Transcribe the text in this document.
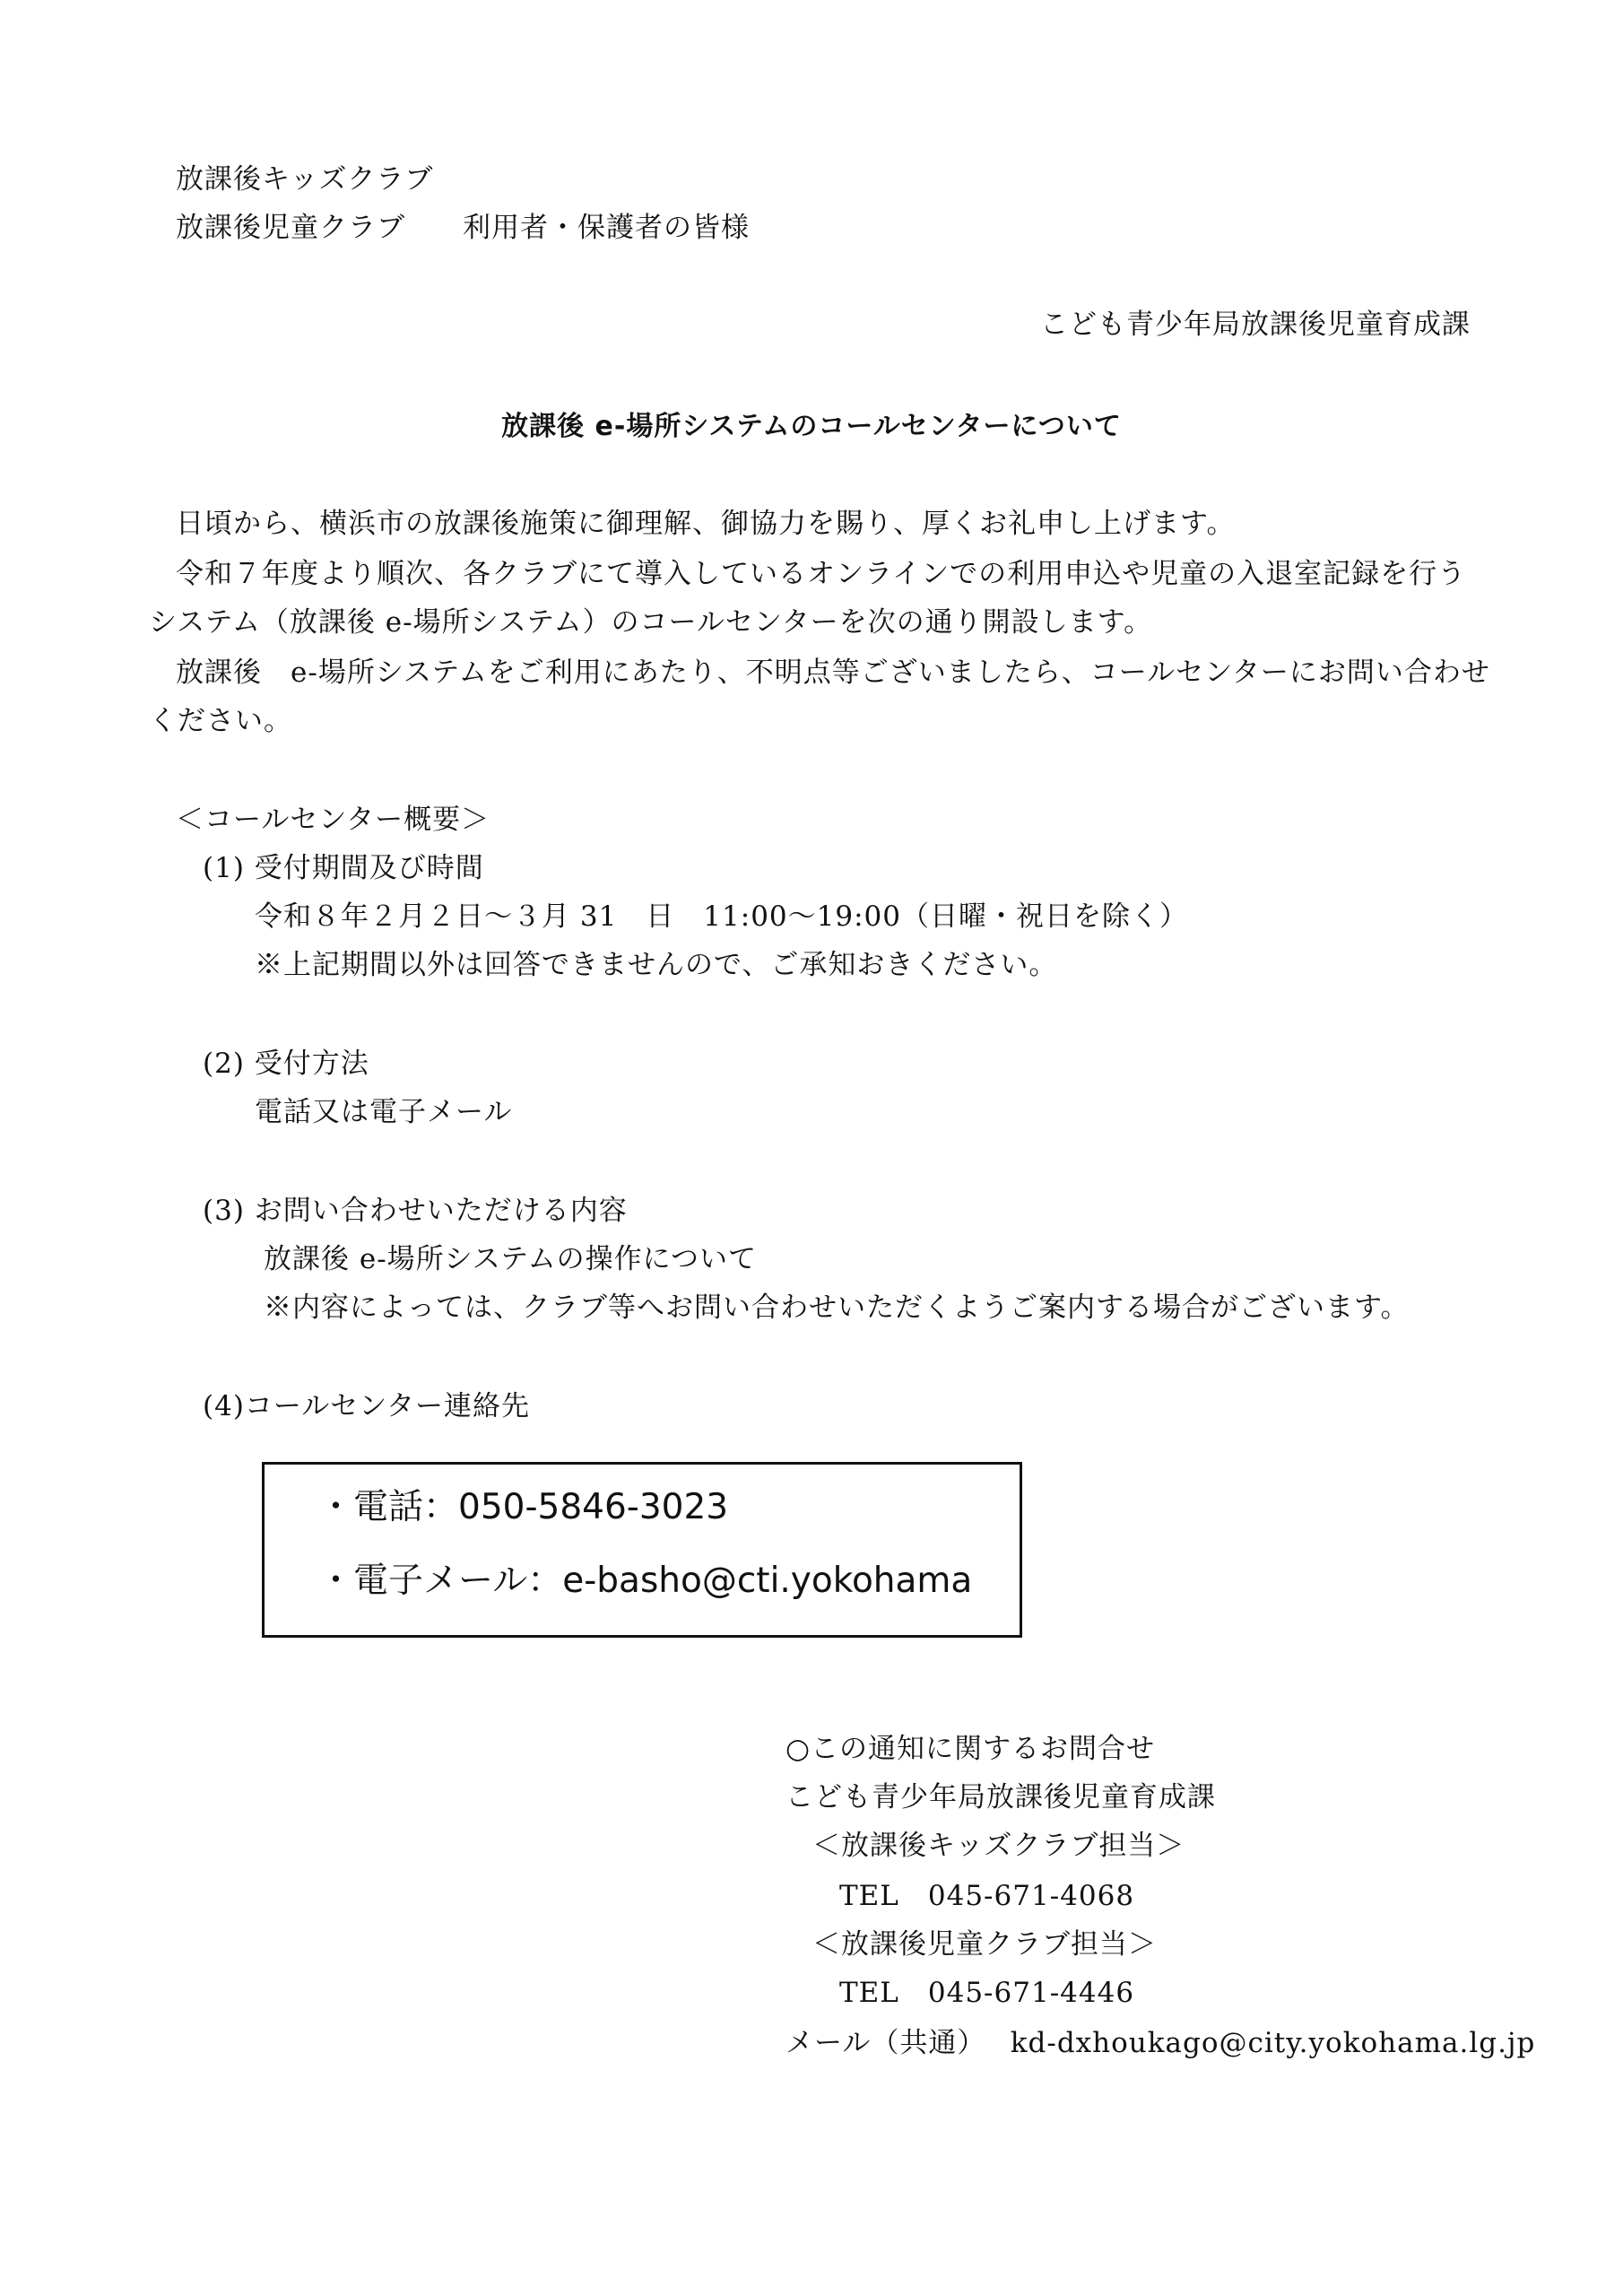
放課後キッズクラブ
放課後児童クラブ　　利用者・保護者の皆様
こども青少年局放課後児童育成課
放課後 e-場所システムのコールセンターについて
日頃から、横浜市の放課後施策に御理解、御協力を賜り、厚くお礼申し上げます。
令和７年度より順次、各クラブにて導入しているオンラインでの利用申込や児童の入退室記録を行う
システム（放課後 e-場所システム）のコールセンターを次の通り開設します。
放課後　e-場所システムをご利用にあたり、不明点等ございましたら、コールセンターにお問い合わせ
ください。
＜コールセンター概要＞
(1) 受付期間及び時間
令和８年２月２日～３月 31　日　11:00～19:00（日曜・祝日を除く）
※上記期間以外は回答できませんので、ご承知おきください。
(2) 受付方法
電話又は電子メール
(3) お問い合わせいただける内容
放課後 e-場所システムの操作について
※内容によっては、クラブ等へお問い合わせいただくようご案内する場合がございます。
(4)コールセンター連絡先
・電話：050-5846-3023
・電子メール：e-basho@cti.yokohama
○この通知に関するお問合せ
こども青少年局放課後児童育成課
＜放課後キッズクラブ担当＞
TEL　045-671-4068
＜放課後児童クラブ担当＞
TEL　045-671-4446
メール（共通）　 kd-dxhoukago@city.yokohama.lg.jp
